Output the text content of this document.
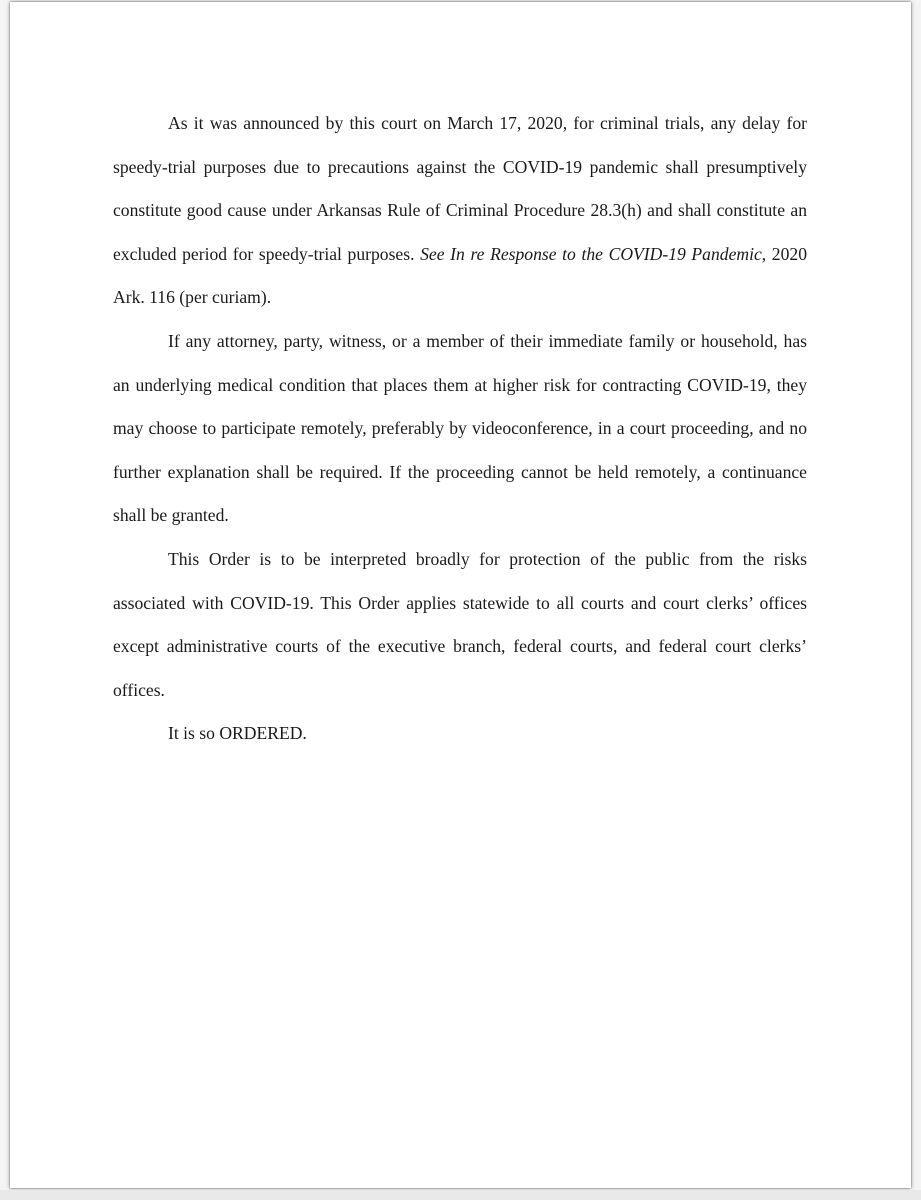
As it was announced by this court on March 17, 2020, for criminal trials, any delay for speedy-trial purposes due to precautions against the COVID-19 pandemic shall presumptively constitute good cause under Arkansas Rule of Criminal Procedure 28.3(h) and shall constitute an excluded period for speedy-trial purposes. See In re Response to the COVID-19 Pandemic, 2020 Ark. 116 (per curiam).

If any attorney, party, witness, or a member of their immediate family or household, has an underlying medical condition that places them at higher risk for contracting COVID-19, they may choose to participate remotely, preferably by videoconference, in a court proceeding, and no further explanation shall be required. If the proceeding cannot be held remotely, a continuance shall be granted.

This Order is to be interpreted broadly for protection of the public from the risks associated with COVID-19. This Order applies statewide to all courts and court clerks’ offices except administrative courts of the executive branch, federal courts, and federal court clerks’ offices.

It is so ORDERED.
